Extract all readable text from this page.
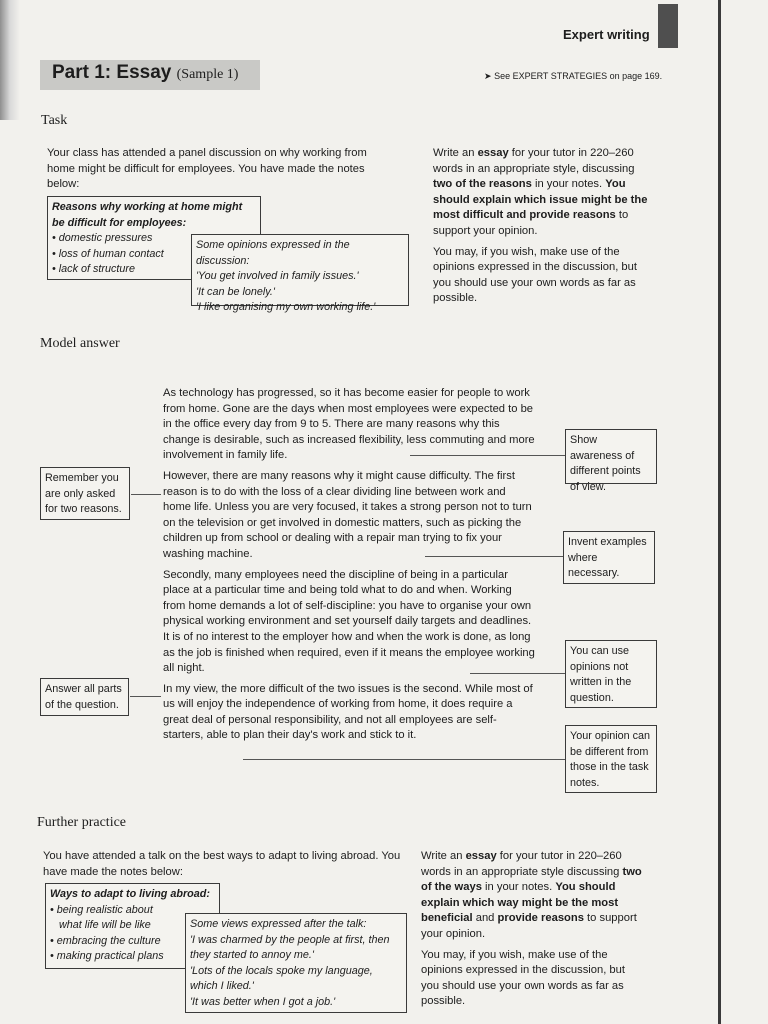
Expert writing
Part 1: Essay (Sample 1)	➤ See EXPERT STRATEGIES on page 169.
Task
Your class has attended a panel discussion on why working from home might be difficult for employees. You have made the notes below:
Reasons why working at home might be difficult for employees:
• domestic pressures
• loss of human contact
• lack of structure
Some opinions expressed in the discussion:
'You get involved in family issues.'
'It can be lonely.'
'I like organising my own working life.'
Write an essay for your tutor in 220–260 words in an appropriate style, discussing two of the reasons in your notes. You should explain which issue might be the most difficult and provide reasons to support your opinion.
You may, if you wish, make use of the opinions expressed in the discussion, but you should use your own words as far as possible.
Model answer
As technology has progressed, so it has become easier for people to work from home. Gone are the days when most employees were expected to be in the office every day from 9 to 5. There are many reasons why this change is desirable, such as increased flexibility, less commuting and more involvement in family life.
However, there are many reasons why it might cause difficulty. The first reason is to do with the loss of a clear dividing line between work and home life. Unless you are very focused, it takes a strong person not to turn on the television or get involved in domestic matters, such as picking the children up from school or dealing with a repair man trying to fix your washing machine.
Secondly, many employees need the discipline of being in a particular place at a particular time and being told what to do and when. Working from home demands a lot of self-discipline: you have to organise your own physical working environment and set yourself daily targets and deadlines. It is of no interest to the employer how and when the work is done, as long as the job is finished when required, even if it means the employee working all night.
In my view, the more difficult of the two issues is the second. While most of us will enjoy the independence of working from home, it does require a great deal of personal responsibility, and not all employees are self-starters, able to plan their day's work and stick to it.
Remember you are only asked for two reasons.
Answer all parts of the question.
Show awareness of different points of view.
Invent examples where necessary.
You can use opinions not written in the question.
Your opinion can be different from those in the task notes.
Further practice
You have attended a talk on the best ways to adapt to living abroad. You have made the notes below:
Ways to adapt to living abroad:
• being realistic about
what life will be like
• embracing the culture
• making practical plans
Some views expressed after the talk:
'I was charmed by the people at first, then they started to annoy me.'
'Lots of the locals spoke my language, which I liked.'
'It was better when I got a job.'
Write an essay for your tutor in 220–260 words in an appropriate style discussing two of the ways in your notes. You should explain which way might be the most beneficial and provide reasons to support your opinion.
You may, if you wish, make use of the opinions expressed in the discussion, but you should use your own words as far as possible.
